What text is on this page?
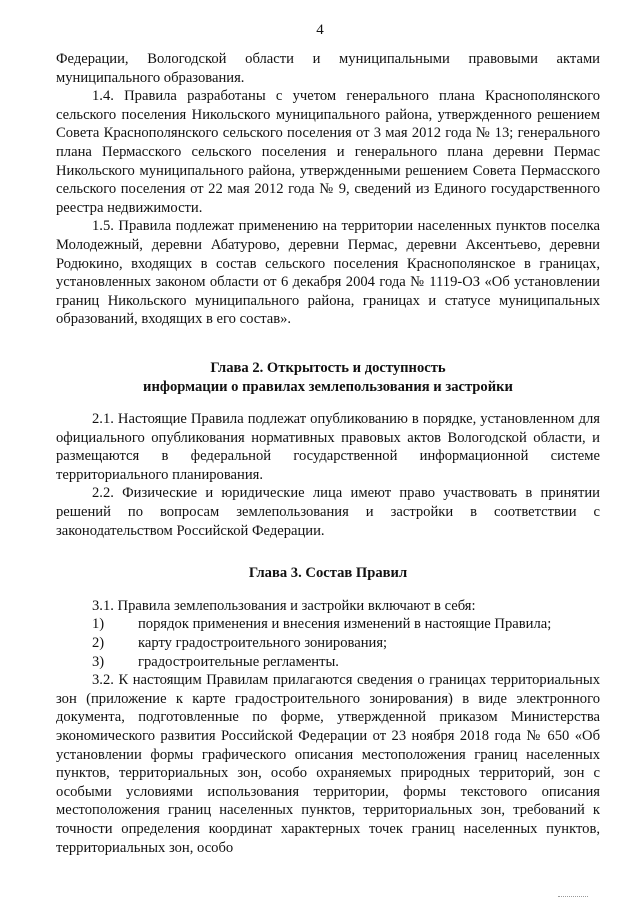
4

Федерации, Вологодской области и муниципальными правовыми актами муниципального образования.

1.4. Правила разработаны с учетом генерального плана Краснополянского сельского поселения Никольского муниципального района, утвержденного решением Совета Краснополянского сельского поселения от 3 мая 2012 года № 13; генерального плана Пермасского сельского поселения и генерального плана деревни Пермас Никольского муниципального района, утвержденными решением Совета Пермасского сельского поселения от 22 мая 2012 года № 9, сведений из Единого государственного реестра недвижимости.

1.5. Правила подлежат применению на территории населенных пунктов поселка Молодежный, деревни Абатурово, деревни Пермас, деревни Аксентьево, деревни Родюкино, входящих в состав сельского поселения Краснополянское в границах, установленных законом области от 6 декабря 2004 года № 1119-ОЗ «Об установлении границ Никольского муниципального района, границах и статусе муниципальных образований, входящих в его состав».

Глава 2. Открытость и доступность

информации о правилах землепользования и застройки

2.1. Настоящие Правила подлежат опубликованию в порядке, установленном для официального опубликования нормативных правовых актов Вологодской области, и размещаются в федеральной государственной информационной системе территориального планирования.

2.2. Физические и юридические лица имеют право участвовать в принятии решений по вопросам землепользования и застройки в соответствии с законодательством Российской Федерации.

Глава 3. Состав Правил

3.1. Правила землепользования и застройки включают в себя:

1)	порядок применения и внесения изменений в настоящие Правила;
2)	карту градостроительного зонирования;
3)	градостроительные регламенты.

3.2. К настоящим Правилам прилагаются сведения о границах территориальных зон (приложение к карте градостроительного зонирования) в виде электронного документа, подготовленные по форме, утвержденной приказом Министерства экономического развития Российской Федерации от 23 ноября 2018 года № 650 «Об установлении формы графического описания местоположения границ населенных пунктов, территориальных зон, особо охраняемых природных территорий, зон с особыми условиями использования территории, формы текстового описания местоположения границ населенных пунктов, территориальных зон, требований к точности определения координат характерных точек границ населенных пунктов, территориальных зон, особо
